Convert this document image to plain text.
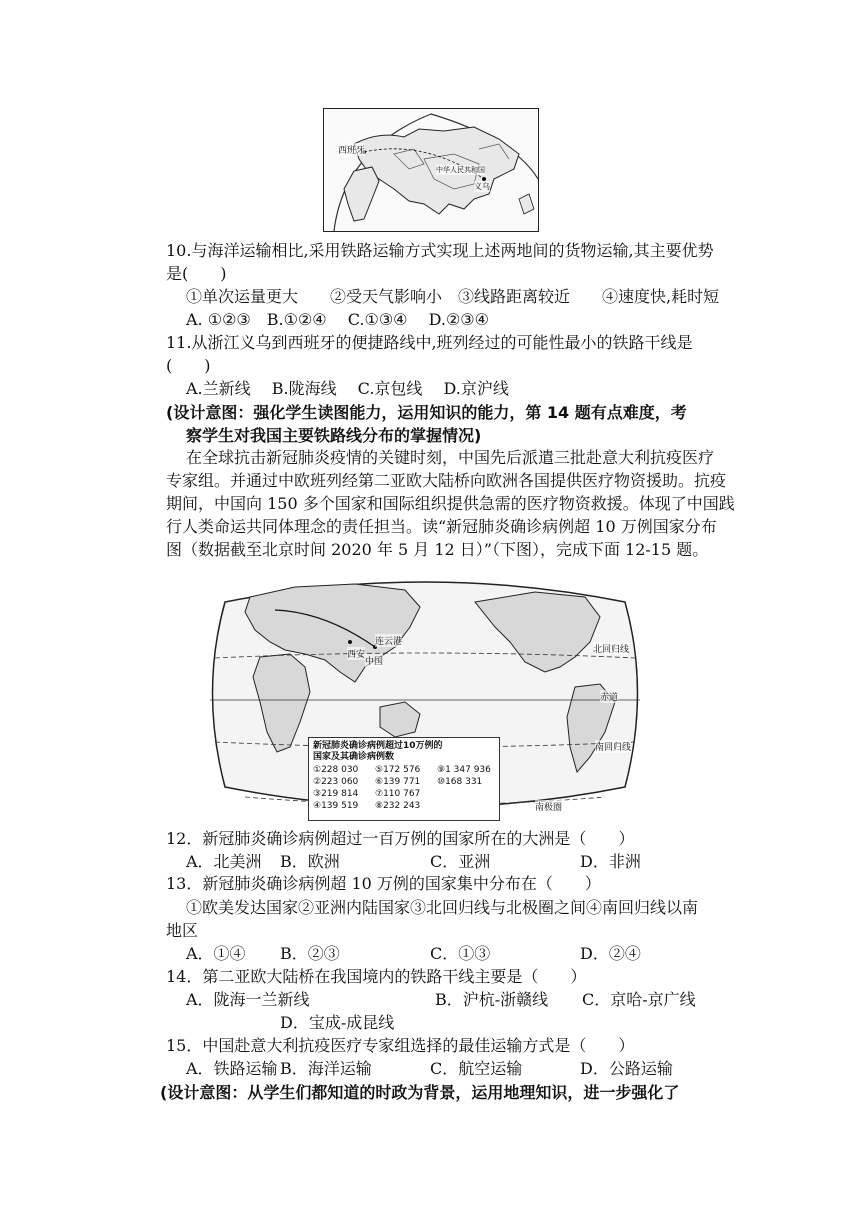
西班牙
中华人民共和国
义乌
10.与海洋运输相比,采用铁路运输方式实现上述两地间的货物运输,其主要优势
是(　　)
①单次运量更大　　②受天气影响小　③线路距离较近　　④速度快,耗时短
A. ①②③　B.①②④　 C.①③④　 D.②③④
11.从浙江义乌到西班牙的便捷路线中,班列经过的可能性最小的铁路干线是
(　　)
A.兰新线　 B.陇海线　 C.京包线　 D.京沪线
(设计意图：强化学生读图能力，运用知识的能力，第 14 题有点难度，考
察学生对我国主要铁路线分布的掌握情况)
在全球抗击新冠肺炎疫情的关键时刻，中国先后派遣三批赴意大利抗疫医疗
专家组。并通过中欧班列经第二亚欧大陆桥向欧洲各国提供医疗物资援助。抗疫
期间，中国向 150 多个国家和国际组织提供急需的医疗物资救援。体现了中国践
行人类命运共同体理念的责任担当。读“新冠肺炎确诊病例超 10 万例国家分布
图（数据截至北京时间 2020 年 5 月 12 日）”（下图），完成下面 12-15 题。
北回归线
赤道
南回归线
南极圈
西安
中国
连云港
新冠肺炎确诊病例超过10万例的
国家及其确诊病例数
①228 030	⑤172 576	⑨1 347 936
②223 060	⑥139 771	⑩168 331
③219 814	⑦110 767
④139 519	⑧232 243
12．新冠肺炎确诊病例超过一百万例的国家所在的大洲是（　　）
A．北美洲 B．欧洲	C．亚洲	D．非洲
13．新冠肺炎确诊病例超 10 万例的国家集中分布在（　　）
①欧美发达国家②亚洲内陆国家③北回归线与北极圈之间④南回归线以南
地区
A．①④ B．②③	C．①③	D．②④
14．第二亚欧大陆桥在我国境内的铁路干线主要是（　　）
A．陇海一兰新线	B．沪杭-浙赣线 C．京哈-京广线
D．宝成-成昆线
15．中国赴意大利抗疫医疗专家组选择的最佳运输方式是（　　）
A．铁路运输 B．海洋运输	C．航空运输	D．公路运输
(设计意图：从学生们都知道的时政为背景，运用地理知识，进一步强化了
